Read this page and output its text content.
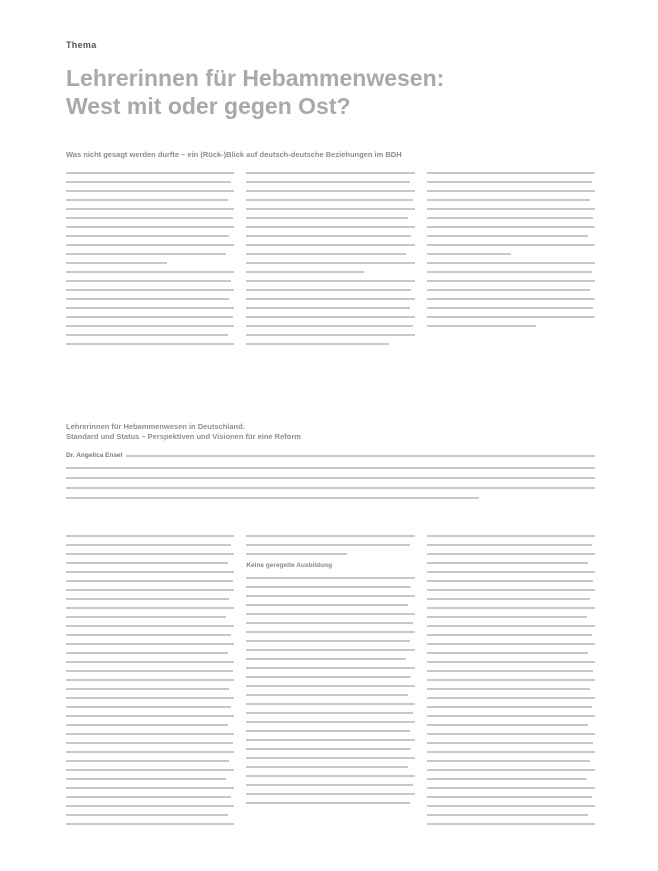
Thema
Lehrerinnen für Hebammenwesen:
West mit oder gegen Ost?
Was nicht gesagt werden durfte – ein (Rück-)Blick auf deutsch-deutsche Beziehungen im BDH
Lehrerinnen für Hebammenwesen in Deutschland.
Standard und Status – Perspektiven und Visionen für eine Reform
Dr. Angelica Ensel
Keine geregelte Ausbildung
